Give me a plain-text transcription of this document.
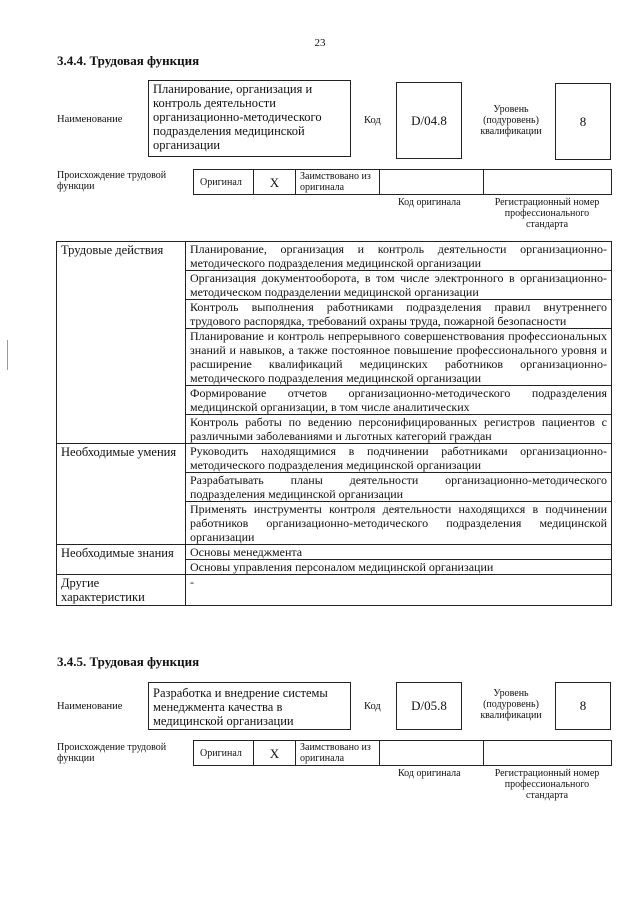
23
3.4.4. Трудовая функция
Наименование
Планирование, организация и контроль деятельности организационно-методического подразделения медицинской организации
Код D/04.8
Уровень (подуровень) квалификации
8
Происхождение трудовой функции	Оригинал	X	Заимствовано из оригинала
Код оригинала	Регистрационный номер профессионального стандарта
Трудовые действия	Планирование, организация и контроль деятельности организационно-методического подразделения медицинской организации
	Организация документооборота, в том числе электронного в организационно-методическом подразделении медицинской организации
	Контроль выполнения работниками подразделения правил внутреннего трудового распорядка, требований охраны труда, пожарной безопасности
	Планирование и контроль непрерывного совершенствования профессиональных знаний и навыков, а также постоянное повышение профессионального уровня и расширение квалификаций медицинских работников организационно-методического подразделения медицинской организации
	Формирование отчетов организационно-методического подразделения медицинской организации, в том числе аналитических
	Контроль работы по ведению персонифицированных регистров пациентов с различными заболеваниями и льготных категорий граждан
Необходимые умения	Руководить находящимися в подчинении работниками организационно-методического подразделения медицинской организации
	Разрабатывать планы деятельности организационно-методического подразделения медицинской организации
	Применять инструменты контроля деятельности находящихся в подчинении работников организационно-методического подразделения медицинской организации
Необходимые знания	Основы менеджмента
	Основы управления персоналом медицинской организации
Другие характеристики	-
3.4.5. Трудовая функция
Наименование
Разработка и внедрение системы менеджмента качества в медицинской организации
Код D/05.8
Уровень (подуровень) квалификации
8
Происхождение трудовой функции	Оригинал	X	Заимствовано из оригинала
Код оригинала	Регистрационный номер профессионального стандарта
